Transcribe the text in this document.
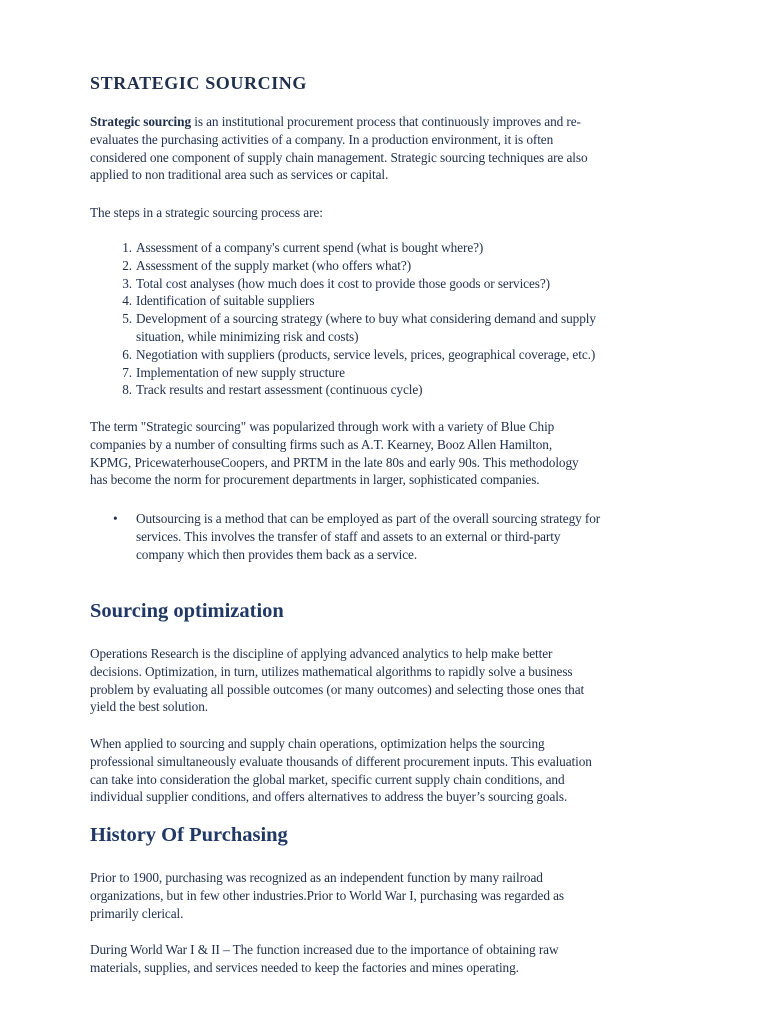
STRATEGIC SOURCING

Strategic sourcing is an institutional procurement process that continuously improves and re-

evaluates the purchasing activities of a company. In a production environment, it is often

considered one component of supply chain management. Strategic sourcing techniques are also

applied to non traditional area such as services or capital.

The steps in a strategic sourcing process are:

1. Assessment of a company's current spend (what is bought where?)
2. Assessment of the supply market (who offers what?)
3. Total cost analyses (how much does it cost to provide those goods or services?)
4. Identification of suitable suppliers
5. Development of a sourcing strategy (where to buy what considering demand and supply
situation, while minimizing risk and costs)
6. Negotiation with suppliers (products, service levels, prices, geographical coverage, etc.)
7. Implementation of new supply structure
8. Track results and restart assessment (continuous cycle)

The term "Strategic sourcing" was popularized through work with a variety of Blue Chip

companies by a number of consulting firms such as A.T. Kearney, Booz Allen Hamilton,

KPMG, PricewaterhouseCoopers, and PRTM in the late 80s and early 90s. This methodology

has become the norm for procurement departments in larger, sophisticated companies.

• Outsourcing is a method that can be employed as part of the overall sourcing strategy for
services. This involves the transfer of staff and assets to an external or third-party
company which then provides them back as a service.
Sourcing optimization

Operations Research is the discipline of applying advanced analytics to help make better

decisions. Optimization, in turn, utilizes mathematical algorithms to rapidly solve a business

problem by evaluating all possible outcomes (or many outcomes) and selecting those ones that

yield the best solution.

When applied to sourcing and supply chain operations, optimization helps the sourcing

professional simultaneously evaluate thousands of different procurement inputs. This evaluation

can take into consideration the global market, specific current supply chain conditions, and

individual supplier conditions, and offers alternatives to address the buyer’s sourcing goals.

History Of Purchasing

Prior to 1900, purchasing was recognized as an independent function by many railroad

organizations, but in few other industries.Prior to World War I, purchasing was regarded as

primarily clerical.

During World War I & II – The function increased due to the importance of obtaining raw

materials, supplies, and services needed to keep the factories and mines operating.
